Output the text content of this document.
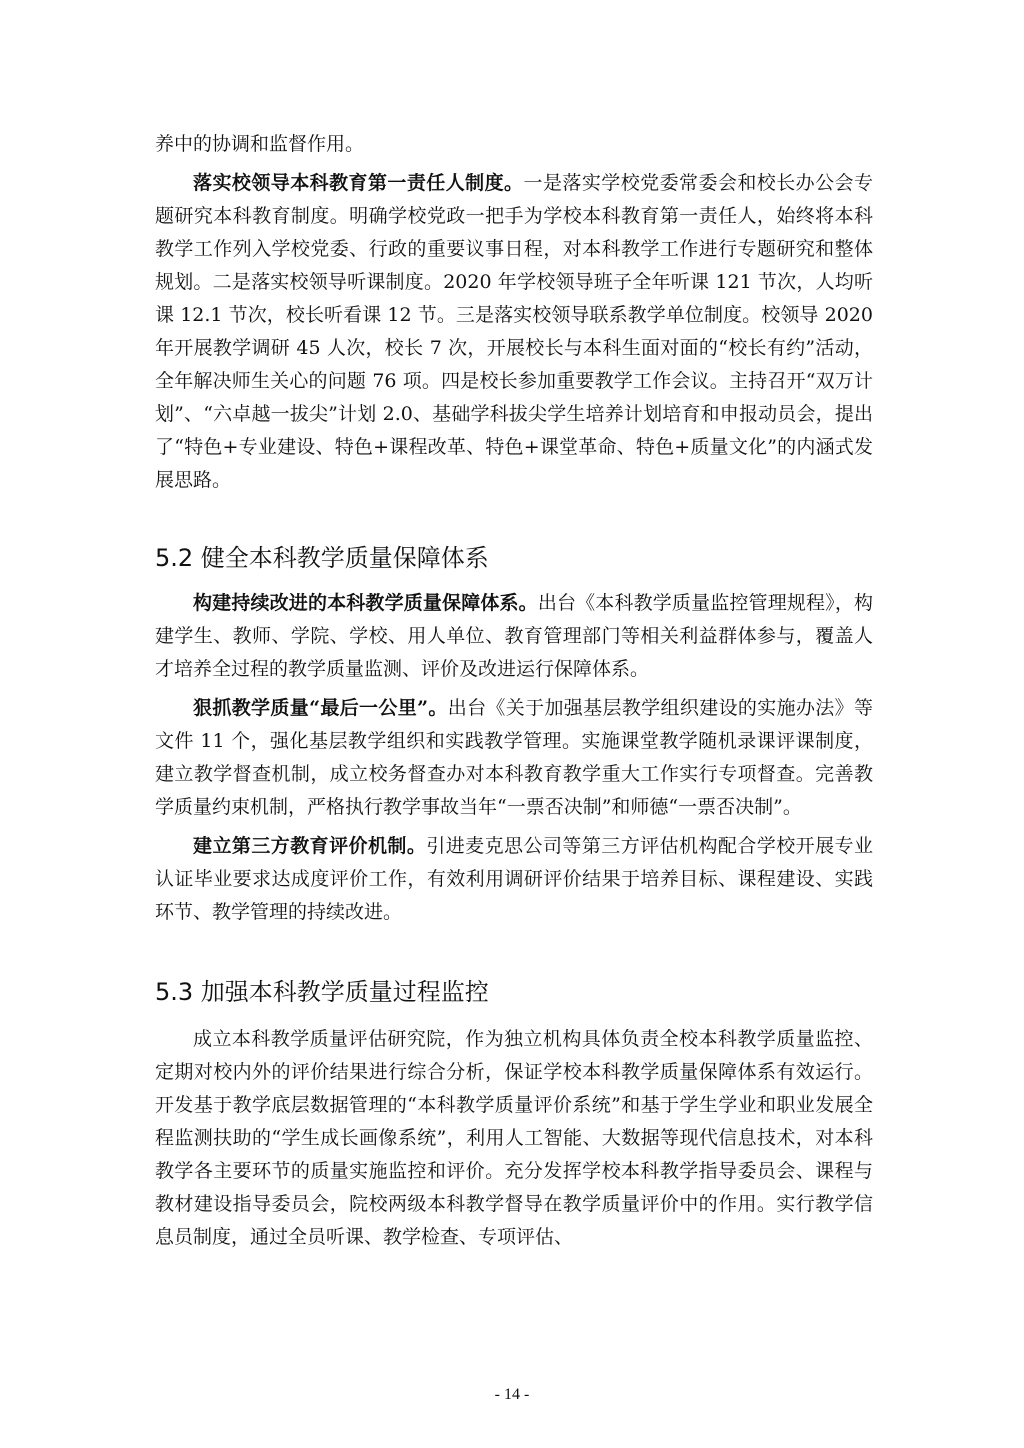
养中的协调和监督作用。

落实校领导本科教育第一责任人制度。一是落实学校党委常委会和校长办公会专题研究本科教育制度。明确学校党政一把手为学校本科教育第一责任人，始终将本科教学工作列入学校党委、行政的重要议事日程，对本科教学工作进行专题研究和整体规划。二是落实校领导听课制度。2020 年学校领导班子全年听课 121 节次，人均听课 12.1 节次，校长听看课 12 节。三是落实校领导联系教学单位制度。校领导 2020 年开展教学调研 45 人次，校长 7 次，开展校长与本科生面对面的“校长有约”活动，全年解决师生关心的问题 76 项。四是校长参加重要教学工作会议。主持召开“双万计划”、“六卓越一拔尖”计划 2.0、基础学科拔尖学生培养计划培育和申报动员会，提出了“特色+专业建设、特色+课程改革、特色+课堂革命、特色+质量文化”的内涵式发展思路。

5.2 健全本科教学质量保障体系

构建持续改进的本科教学质量保障体系。出台《本科教学质量监控管理规程》，构建学生、教师、学院、学校、用人单位、教育管理部门等相关利益群体参与，覆盖人才培养全过程的教学质量监测、评价及改进运行保障体系。

狠抓教学质量“最后一公里”。出台《关于加强基层教学组织建设的实施办法》等文件 11 个，强化基层教学组织和实践教学管理。实施课堂教学随机录课评课制度，建立教学督查机制，成立校务督查办对本科教育教学重大工作实行专项督查。完善教学质量约束机制，严格执行教学事故当年“一票否决制”和师德“一票否决制”。

建立第三方教育评价机制。引进麦克思公司等第三方评估机构配合学校开展专业认证毕业要求达成度评价工作，有效利用调研评价结果于培养目标、课程建设、实践环节、教学管理的持续改进。

5.3 加强本科教学质量过程监控

成立本科教学质量评估研究院，作为独立机构具体负责全校本科教学质量监控、定期对校内外的评价结果进行综合分析，保证学校本科教学质量保障体系有效运行。开发基于教学底层数据管理的“本科教学质量评价系统”和基于学生学业和职业发展全程监测扶助的“学生成长画像系统”，利用人工智能、大数据等现代信息技术，对本科教学各主要环节的质量实施监控和评价。充分发挥学校本科教学指导委员会、课程与教材建设指导委员会，院校两级本科教学督导在教学质量评价中的作用。实行教学信息员制度，通过全员听课、教学检查、专项评估、

- 14 -
